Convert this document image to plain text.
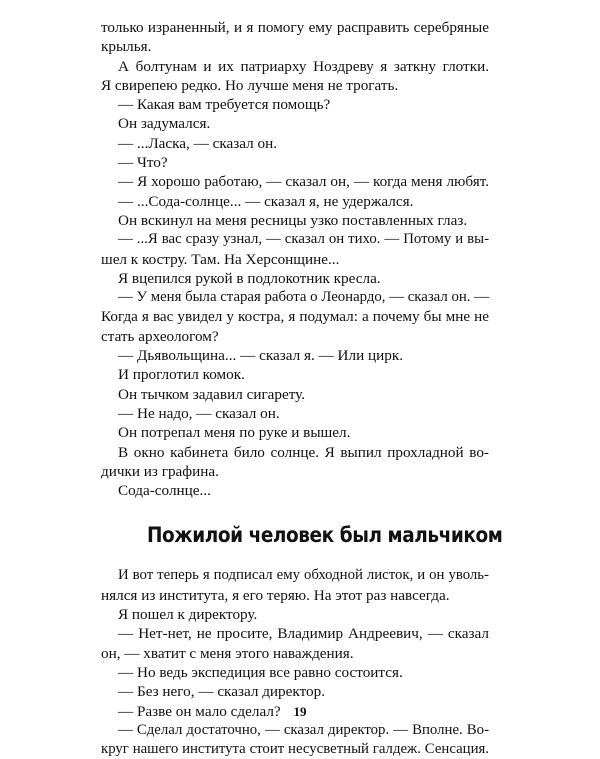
только израненный, и я помогу ему расправить серебряные
крылья.
А болтунам и их патриарху Ноздреву я заткну глотки.
Я свирепею редко. Но лучше меня не трогать.
— Какая вам требуется помощь?
Он задумался.
— ...Ласка, — сказал он.
— Что?
— Я хорошо работаю, — сказал он, — когда меня любят.
— ...Сода-солнце... — сказал я, не удержался.
Он вскинул на меня ресницы узко поставленных глаз.
— ...Я вас сразу узнал, — сказал он тихо. — Потому и вы-
шел к костру. Там. На Херсонщине...
Я вцепился рукой в подлокотник кресла.
— У меня была старая работа о Леонардо, — сказал он. —
Когда я вас увидел у костра, я подумал: а почему бы мне не
стать археологом?
— Дьявольщина... — сказал я. — Или цирк.
И проглотил комок.
Он тычком задавил сигарету.
— Не надо, — сказал он.
Он потрепал меня по руке и вышел.
В окно кабинета било солнце. Я выпил прохладной во-
дички из графина.
Сода-солнце...
Пожилой человек был мальчиком
И вот теперь я подписал ему обходной листок, и он уволь-
нялся из института, я его теряю. На этот раз навсегда.
Я пошел к директору.
— Нет-нет, не просите, Владимир Андреевич, — сказал
он, — хватит с меня этого наваждения.
— Но ведь экспедиция все равно состоится.
— Без него, — сказал директор.
— Разве он мало сделал?
— Сделал достаточно, — сказал директор. — Вполне. Во-
круг нашего института стоит несусветный галдеж. Сенсация.
19
